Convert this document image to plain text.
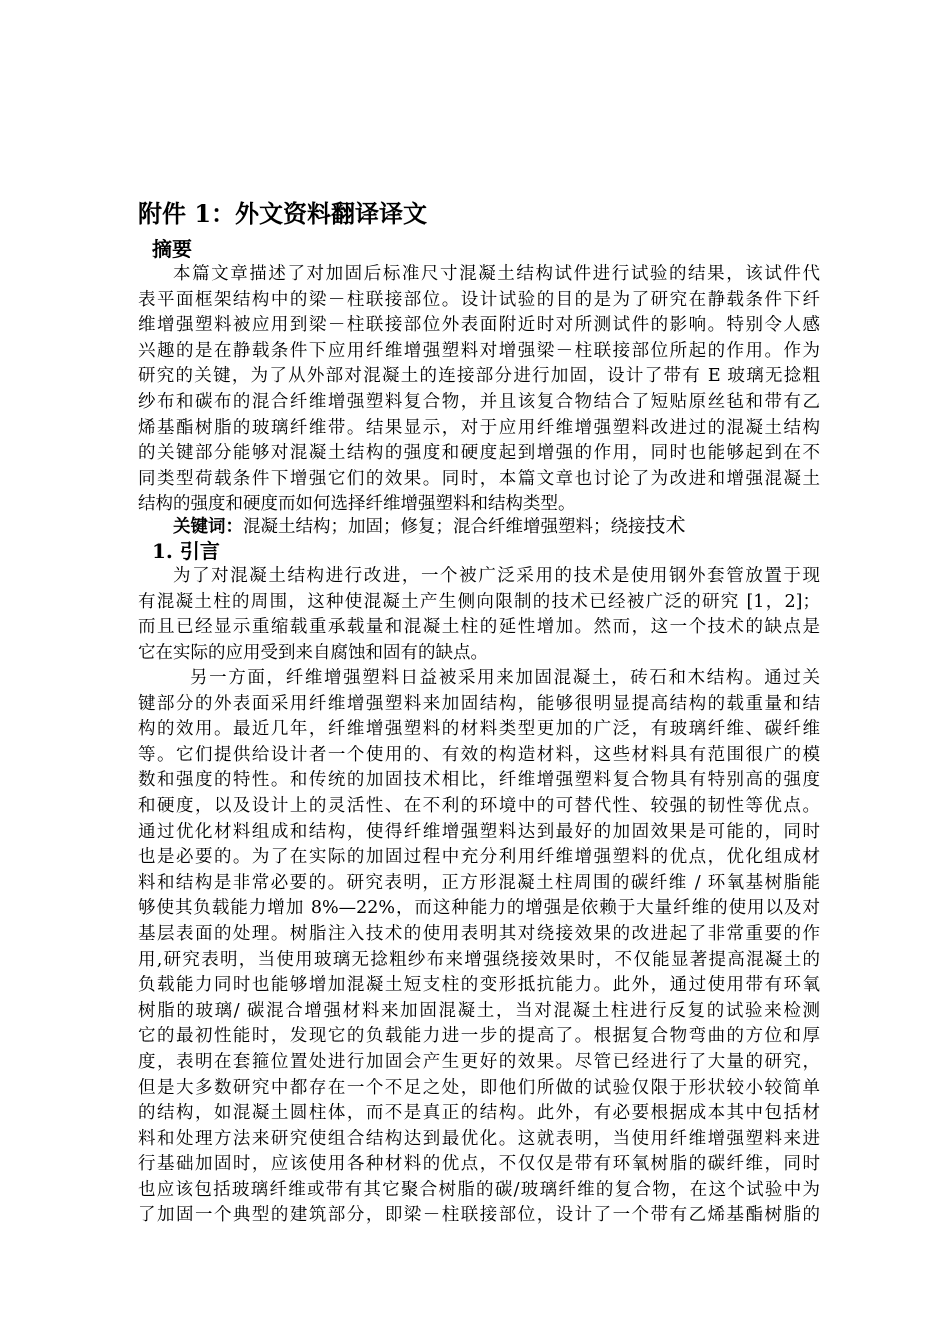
附件 1：外文资料翻译译文
摘要
本篇文章描述了对加固后标准尺寸混凝土结构试件进行试验的结果，该试件代
表平面框架结构中的梁－柱联接部位。设计试验的目的是为了研究在静载条件下纤
维增强塑料被应用到梁－柱联接部位外表面附近时对所测试件的影响。特别令人感
兴趣的是在静载条件下应用纤维增强塑料对增强梁－柱联接部位所起的作用。作为
研究的关键，为了从外部对混凝土的连接部分进行加固，设计了带有 E 玻璃无捻粗
纱布和碳布的混合纤维增强塑料复合物，并且该复合物结合了短贴原丝毡和带有乙
烯基酯树脂的玻璃纤维带。结果显示，对于应用纤维增强塑料改进过的混凝土结构
的关键部分能够对混凝土结构的强度和硬度起到增强的作用，同时也能够起到在不
同类型荷载条件下增强它们的效果。同时，本篇文章也讨论了为改进和增强混凝土
结构的强度和硬度而如何选择纤维增强塑料和结构类型。
关键词：混凝土结构；加固；修复；混合纤维增强塑料；绕接技术
1. 引言
为了对混凝土结构进行改进，一个被广泛采用的技术是使用钢外套管放置于现
有混凝土柱的周围，这种使混凝土产生侧向限制的技术已经被广泛的研究 [1，2]；
而且已经显示重缩载重承载量和混凝土柱的延性增加。然而，这一个技术的缺点是
它在实际的应用受到来自腐蚀和固有的缺点。
另一方面，纤维增强塑料日益被采用来加固混凝土，砖石和木结构。通过关
键部分的外表面采用纤维增强塑料来加固结构，能够很明显提高结构的载重量和结
构的效用。最近几年，纤维增强塑料的材料类型更加的广泛，有玻璃纤维、碳纤维
等。它们提供给设计者一个使用的、有效的构造材料，这些材料具有范围很广的模
数和强度的特性。和传统的加固技术相比，纤维增强塑料复合物具有特别高的强度
和硬度，以及设计上的灵活性、在不利的环境中的可替代性、较强的韧性等优点。
通过优化材料组成和结构，使得纤维增强塑料达到最好的加固效果是可能的，同时
也是必要的。为了在实际的加固过程中充分利用纤维增强塑料的优点，优化组成材
料和结构是非常必要的。研究表明，正方形混凝土柱周围的碳纤维 / 环氧基树脂能
够使其负载能力增加 8%—22%，而这种能力的增强是依赖于大量纤维的使用以及对
基层表面的处理。树脂注入技术的使用表明其对绕接效果的改进起了非常重要的作
用,研究表明，当使用玻璃无捻粗纱布来增强绕接效果时，不仅能显著提高混凝土的
负载能力同时也能够增加混凝土短支柱的变形抵抗能力。此外，通过使用带有环氧
树脂的玻璃/ 碳混合增强材料来加固混凝土，当对混凝土柱进行反复的试验来检测
它的最初性能时，发现它的负载能力进一步的提高了。根据复合物弯曲的方位和厚
度，表明在套箍位置处进行加固会产生更好的效果。尽管已经进行了大量的研究，
但是大多数研究中都存在一个不足之处，即他们所做的试验仅限于形状较小较简单
的结构，如混凝土圆柱体，而不是真正的结构。此外，有必要根据成本其中包括材
料和处理方法来研究使组合结构达到最优化。这就表明，当使用纤维增强塑料来进
行基础加固时，应该使用各种材料的优点，不仅仅是带有环氧树脂的碳纤维，同时
也应该包括玻璃纤维或带有其它聚合树脂的碳/玻璃纤维的复合物，在这个试验中为
了加固一个典型的建筑部分，即梁－柱联接部位，设计了一个带有乙烯基酯树脂的
